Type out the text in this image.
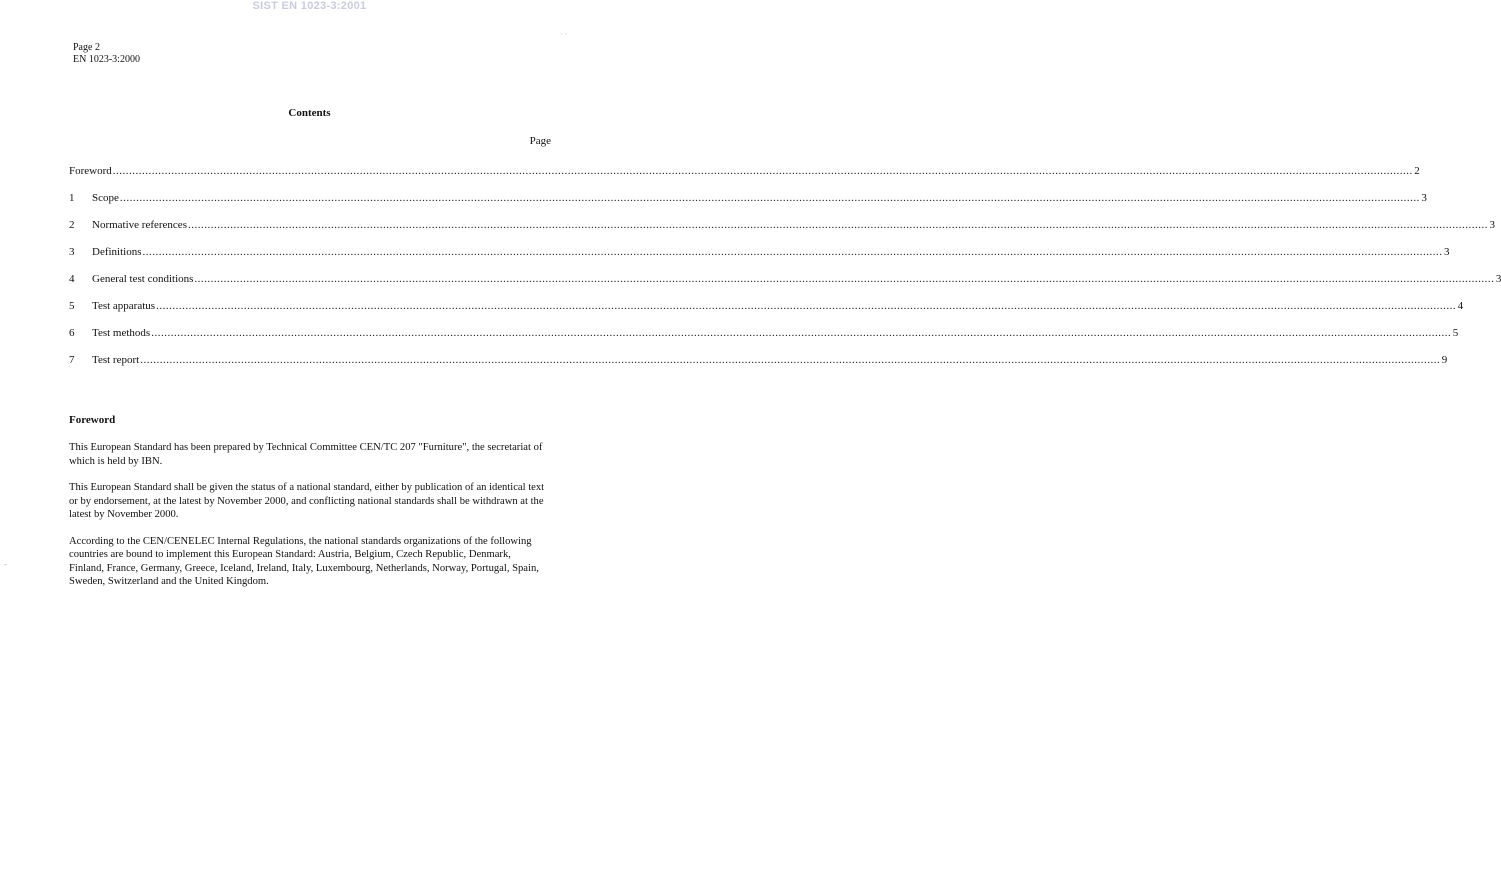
SIST EN 1023-3:2001
Page 2
EN 1023-3:2000
Contents
Page
Foreword ................................................................................................................................................................................................................................................................................................................................................................................................................ 2
1	Scope ................................................................................................................................................................................................................................................................................................................................................................................................................ 3
2	Normative references ................................................................................................................................................................................................................................................................................................................................................................................................................ 3
3	Definitions ................................................................................................................................................................................................................................................................................................................................................................................................................ 3
4	General test conditions ................................................................................................................................................................................................................................................................................................................................................................................................................ 3
5	Test apparatus ................................................................................................................................................................................................................................................................................................................................................................................................................ 4
6	Test methods ................................................................................................................................................................................................................................................................................................................................................................................................................ 5
7	Test report ................................................................................................................................................................................................................................................................................................................................................................................................................ 9
Foreword

This European Standard has been prepared by Technical Committee CEN/TC 207 "Furniture", the secretariat of which is held by IBN.

This European Standard shall be given the status of a national standard, either by publication of an identical text or by endorsement, at the latest by November 2000, and conflicting national standards shall be withdrawn at the latest by November 2000.

According to the CEN/CENELEC Internal Regulations, the national standards organizations of the following countries are bound to implement this European Standard: Austria, Belgium, Czech Republic, Denmark, Finland, France, Germany, Greece, Iceland, Ireland, Italy, Luxembourg, Netherlands, Norway, Portugal, Spain, Sweden, Switzerland and the United Kingdom.

˙ ˙
-
